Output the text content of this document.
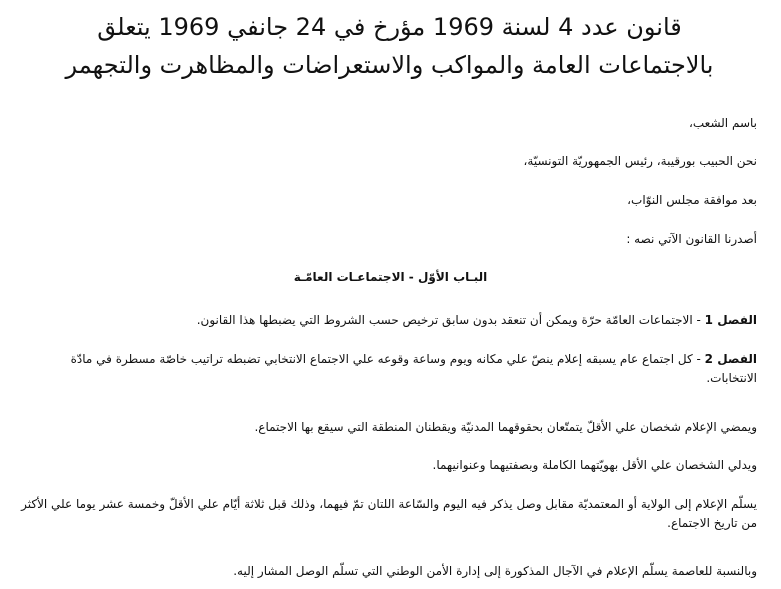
قانون عدد 4 لسنة 1969 مؤرخ في 24 جانفي 1969 يتعلق
بالاجتماعات العامة والمواكب والاستعراضات والمظاهرت والتجهمر

باسم الشعب،

نحن الحبيب بورقيبة، رئيس الجمهوريّة التونسيّة،

بعد موافقة مجلس النوّاب،

أصدرنا القانون الآتي نصه :

البـاب الأوّل - الاجتماعـات العامّـة

الفصل 1 - الاجتماعات العامّة حرّة ويمكن أن تنعقد بدون سابق ترخيص حسب الشروط التي يضبطها هذا القانون.

الفصل 2 - كل اجتماع عام يسبقه إعلام ينصّ علي مكانه ويوم وساعة وقوعه علي الاجتماع الانتخابي تضبطه تراتيب خاصّة مسطرة في مادّة الانتخابات.

ويمضي الإعلام شخصان علي الأقلّ يتمتّعان بحقوقهما المدنيّة ويقطنان المنطقة التي سيقع بها الاجتماع.

ويدلي الشخصان علي الأقل بهويّتهما الكاملة وبصفتيهما وعنوانيهما.

يسلّم الإعلام إلى الولاية أو المعتمديّة مقابل وصل يذكر فيه اليوم والسّاعة اللتان تمّ فيهما، وذلك قبل ثلاثة أيّام علي الأقلّ وخمسة عشر يوما علي الأكثر من تاريخ الاجتماع.

وبالنسبة للعاصمة يسلّم الإعلام في الآجال المذكورة إلى إدارة الأمن الوطني التي تسلّم الوصل المشار إليه.
